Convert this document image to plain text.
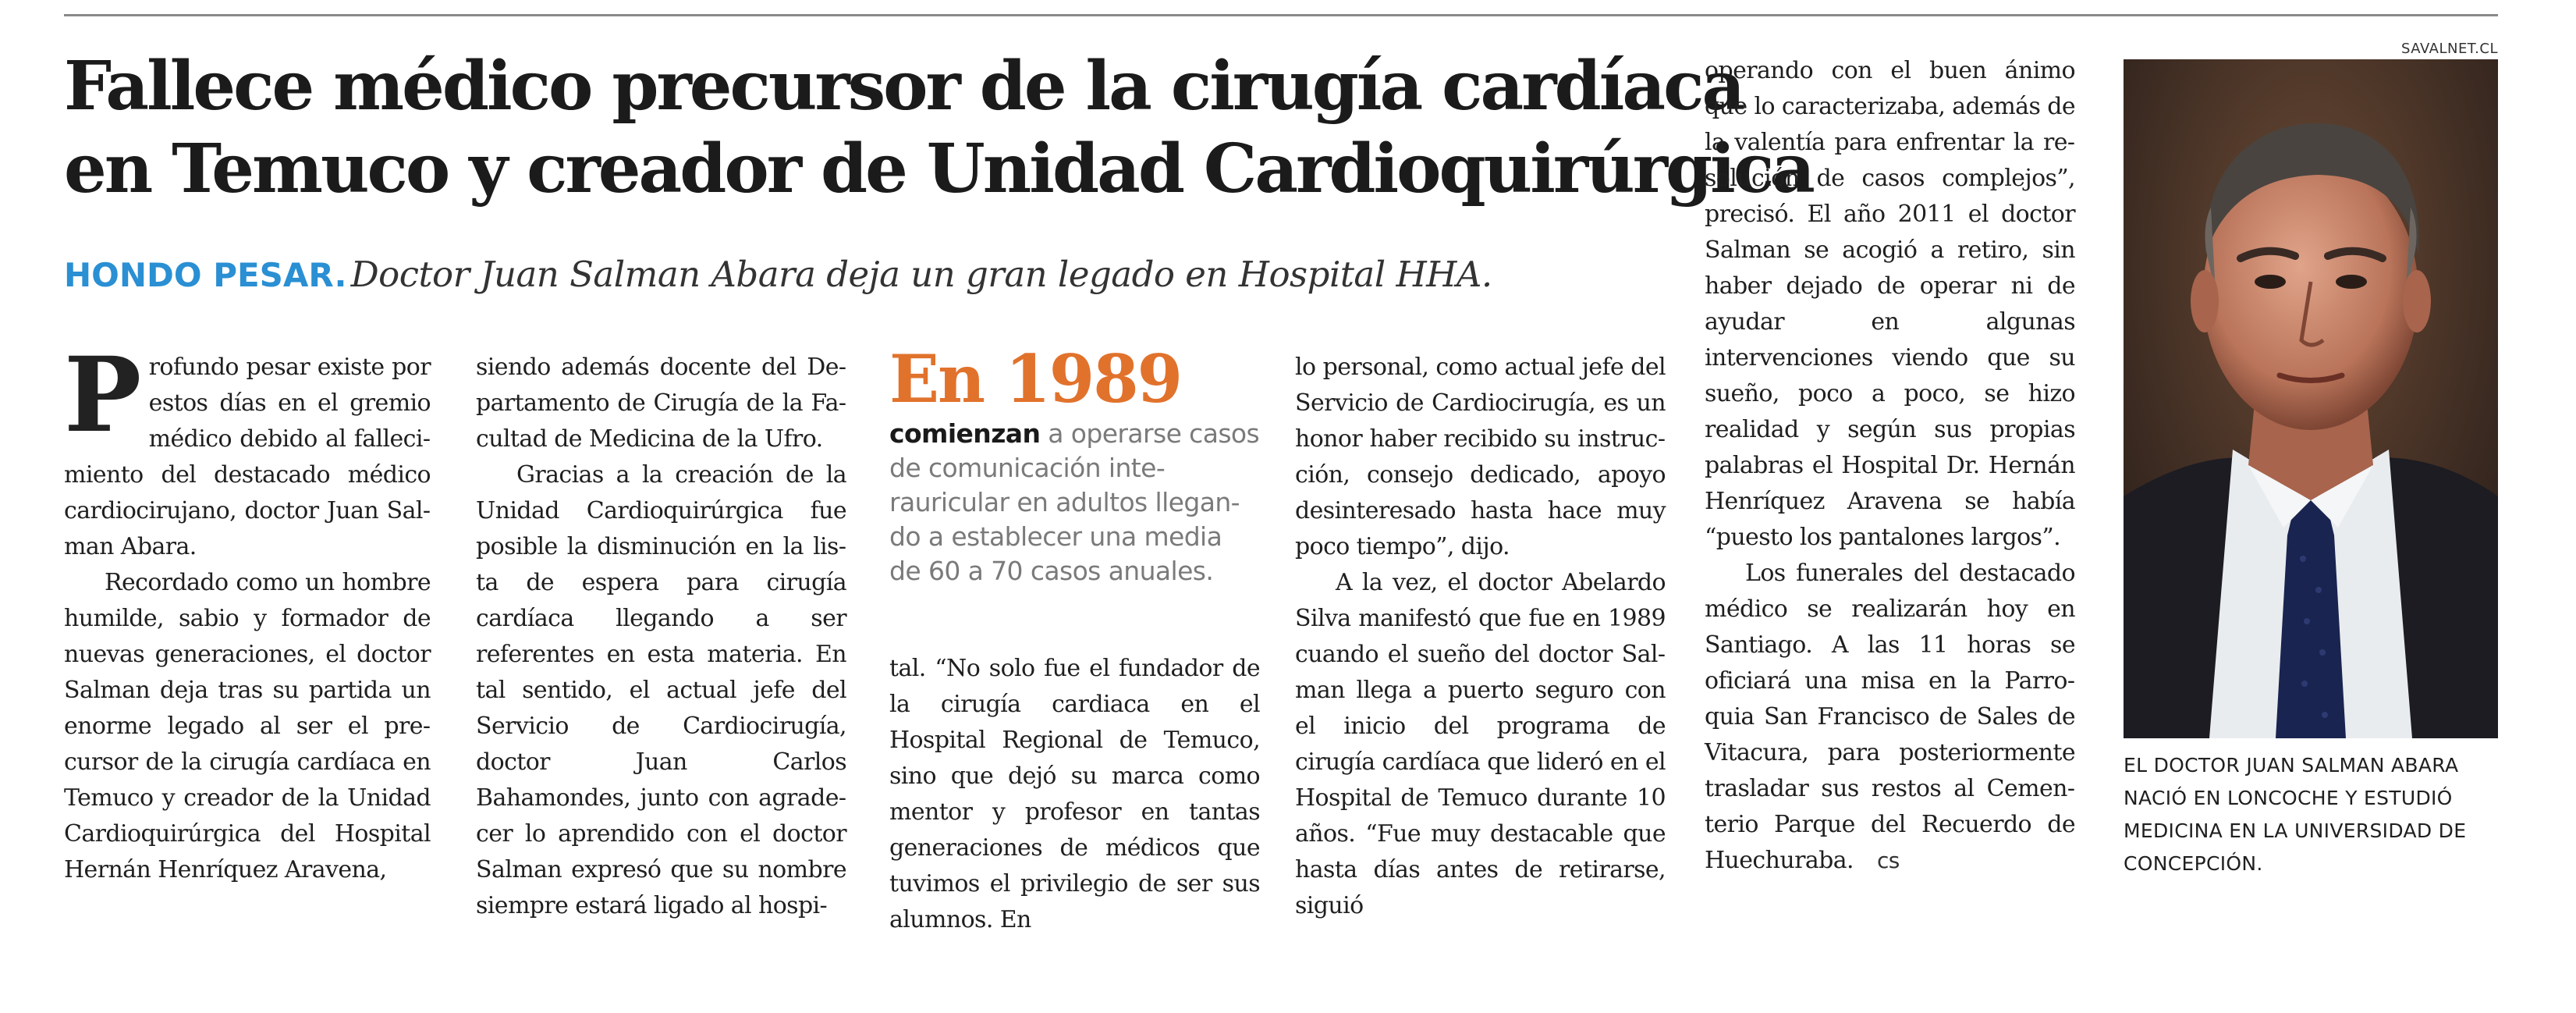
Fallece médico precursor de la cirugía cardíaca
en Temuco y creador de Unidad Cardioquirúrgica
HONDO PESAR. Doctor Juan Salman Abara deja un gran legado en Hospital HHA.
P rofundo pesar existe por estos días en el gremio médico debido al fallecimiento del destacado médico cardiocirujano, doctor Juan Salman Abara.

Recordado como un hombre humilde, sabio y formador de nuevas generaciones, el doctor Salman deja tras su partida un enorme legado al ser el precursor de la cirugía cardíaca en Temuco y creador de la Unidad Cardioquirúrgica del Hospital Hernán Henríquez Aravena,

siendo además docente del Departamento de Cirugía de la Facultad de Medicina de la Ufro.

Gracias a la creación de la Unidad Cardioquirúrgica fue posible la disminución en la lista de espera para cirugía cardíaca llegando a ser referentes en esta materia. En tal sentido, el actual jefe del Servicio de Cardiocirugía, doctor Juan Carlos Bahamondes, junto con agradecer lo aprendido con el doctor Salman expresó que su nombre siempre estará ligado al hospi-

En 1989
comienzan a operarse casos de comunicación interauricular en adultos llegando a establecer una media de 60 a 70 casos anuales.

tal. “No solo fue el fundador de la cirugía cardiaca en el Hospital Regional de Temuco, sino que dejó su marca como mentor y profesor en tantas generaciones de médicos que tuvimos el privilegio de ser sus alumnos. En

lo personal, como actual jefe del Servicio de Cardiocirugía, es un honor haber recibido su instrucción, consejo dedicado, apoyo desinteresado hasta hace muy poco tiempo”, dijo.

A la vez, el doctor Abelardo Silva manifestó que fue en 1989 cuando el sueño del doctor Salman llega a puerto seguro con el inicio del programa de cirugía cardíaca que lideró en el Hospital de Temuco durante 10 años. “Fue muy destacable que hasta días antes de retirarse, siguió

operando con el buen ánimo que lo caracterizaba, además de la valentía para enfrentar la resolución de casos complejos”, precisó. El año 2011 el doctor Salman se acogió a retiro, sin haber dejado de operar ni de ayudar en algunas intervenciones viendo que su sueño, poco a poco, se hizo realidad y según sus propias palabras el Hospital Dr. Hernán Henríquez Aravena se había “puesto los pantalones largos”.

Los funerales del destacado médico se realizarán hoy en Santiago. A las 11 horas se oficiará una misa en la Parroquia San Francisco de Sales de Vitacura, para posteriormente trasladar sus restos al Cementerio Parque del Recuerdo de Huechuraba. cs

SAVALNET.CL
EL DOCTOR JUAN SALMAN ABARA NACIÓ EN LONCOCHE Y ESTUDIÓ MEDICINA EN LA UNIVERSIDAD DE CONCEPCIÓN.
